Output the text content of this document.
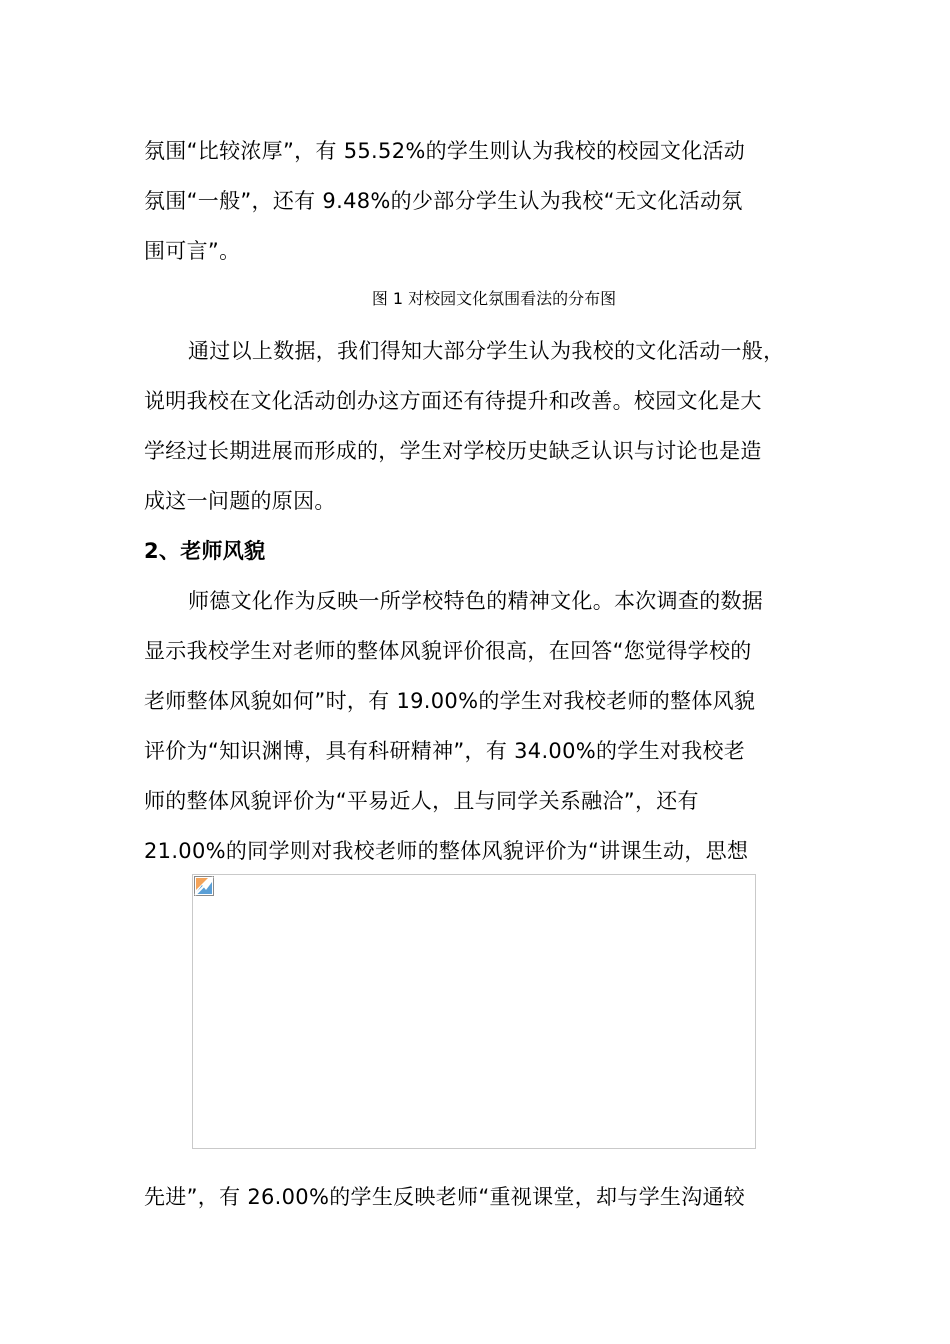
氛围“比较浓厚”，有 55.52%的学生则认为我校的校园文化活动
氛围“一般”，还有 9.48%的少部分学生认为我校“无文化活动氛
围可言”。
图 1 对校园文化氛围看法的分布图
通过以上数据，我们得知大部分学生认为我校的文化活动一般，
说明我校在文化活动创办这方面还有待提升和改善。校园文化是大
学经过长期进展而形成的，学生对学校历史缺乏认识与讨论也是造
成这一问题的原因。
2、老师风貌
师德文化作为反映一所学校特色的精神文化。本次调查的数据
显示我校学生对老师的整体风貌评价很高，在回答“您觉得学校的
老师整体风貌如何”时，有 19.00%的学生对我校老师的整体风貌
评价为“知识渊博，具有科研精神”，有 34.00%的学生对我校老
师的整体风貌评价为“平易近人，且与同学关系融洽”，还有
21.00%的同学则对我校老师的整体风貌评价为“讲课生动，思想
先进”，有 26.00%的学生反映老师“重视课堂，却与学生沟通较
